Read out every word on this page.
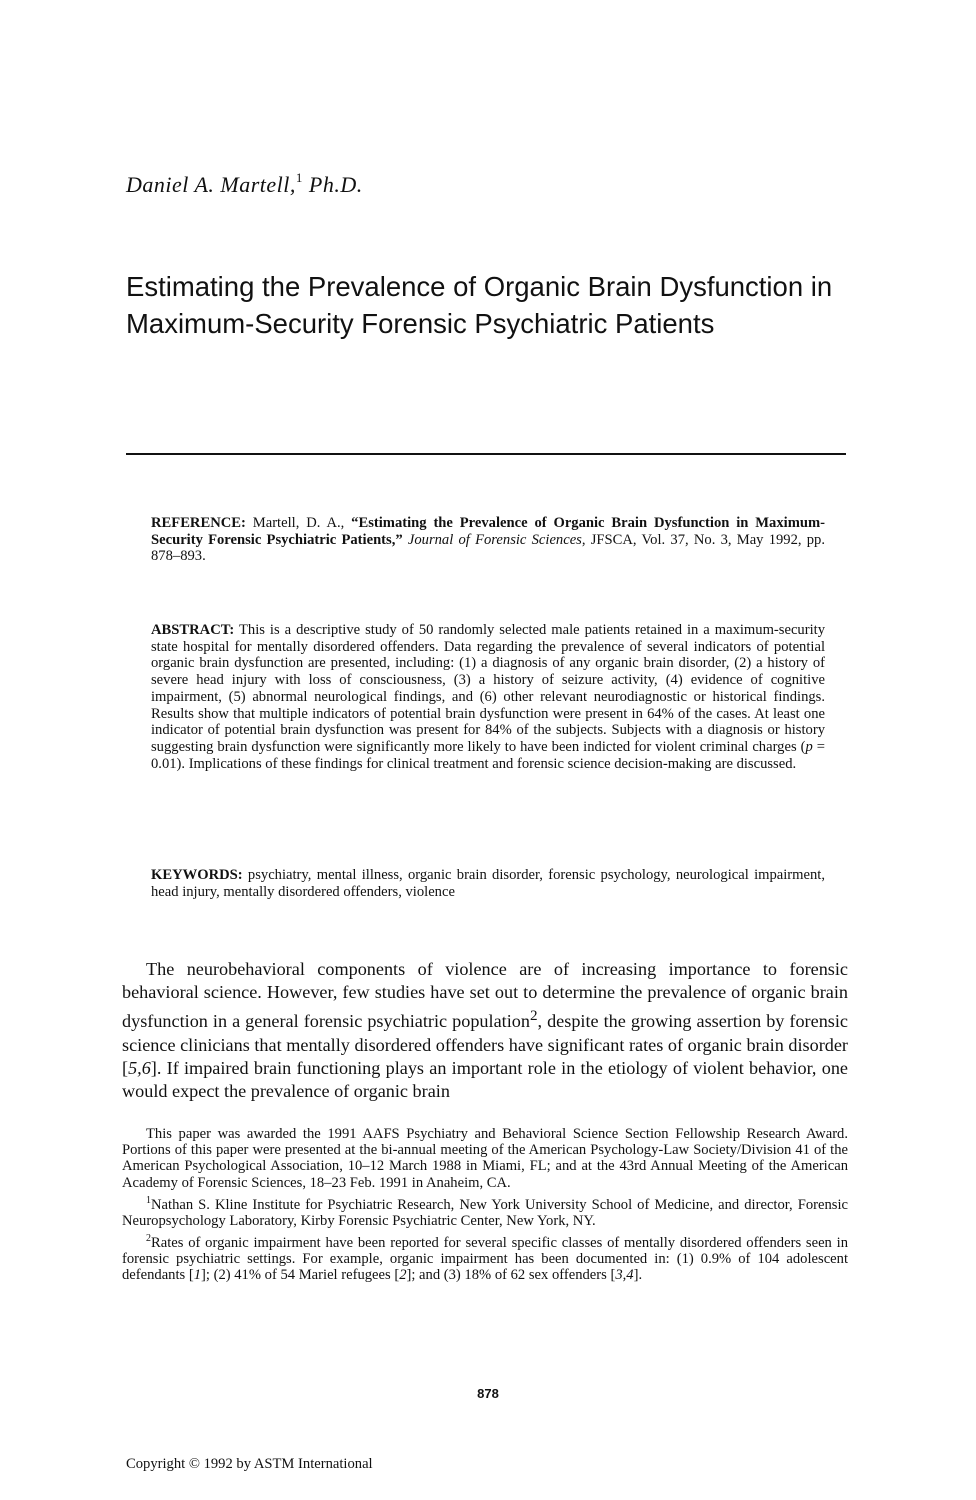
Daniel A. Martell,$^1$ Ph.D.
Estimating the Prevalence of Organic Brain Dysfunction in Maximum-Security Forensic Psychiatric Patients
REFERENCE: Martell, D. A., “Estimating the Prevalence of Organic Brain Dysfunction in Maximum-Security Forensic Psychiatric Patients,” Journal of Forensic Sciences, JFSCA, Vol. 37, No. 3, May 1992, pp. 878–893.
ABSTRACT: This is a descriptive study of 50 randomly selected male patients retained in a maximum-security state hospital for mentally disordered offenders. Data regarding the prevalence of several indicators of potential organic brain dysfunction are presented, including: (1) a diagnosis of any organic brain disorder, (2) a history of severe head injury with loss of consciousness, (3) a history of seizure activity, (4) evidence of cognitive impairment, (5) abnormal neurological findings, and (6) other relevant neurodiagnostic or historical findings. Results show that multiple indicators of potential brain dysfunction were present in 64% of the cases. At least one indicator of potential brain dysfunction was present for 84% of the subjects. Subjects with a diagnosis or history suggesting brain dysfunction were significantly more likely to have been indicted for violent criminal charges (p = 0.01). Implications of these findings for clinical treatment and forensic science decision-making are discussed.
KEYWORDS: psychiatry, mental illness, organic brain disorder, forensic psychology, neurological impairment, head injury, mentally disordered offenders, violence

The neurobehavioral components of violence are of increasing importance to forensic behavioral science. However, few studies have set out to determine the prevalence of organic brain dysfunction in a general forensic psychiatric population$^2$, despite the growing assertion by forensic science clinicians that mentally disordered offenders have significant rates of organic brain disorder [5,6]. If impaired brain functioning plays an important role in the etiology of violent behavior, one would expect the prevalence of organic brain

This paper was awarded the 1991 AAFS Psychiatry and Behavioral Science Section Fellowship Research Award. Portions of this paper were presented at the bi-annual meeting of the American Psychology-Law Society/Division 41 of the American Psychological Association, 10–12 March 1988 in Miami, FL; and at the 43rd Annual Meeting of the American Academy of Forensic Sciences, 18–23 Feb. 1991 in Anaheim, CA.

$^1$Nathan S. Kline Institute for Psychiatric Research, New York University School of Medicine, and director, Forensic Neuropsychology Laboratory, Kirby Forensic Psychiatric Center, New York, NY.

$^2$Rates of organic impairment have been reported for several specific classes of mentally disordered offenders seen in forensic psychiatric settings. For example, organic impairment has been documented in: (1) 0.9% of 104 adolescent defendants [1]; (2) 41% of 54 Mariel refugees [2]; and (3) 18% of 62 sex offenders [3,4].

878
Copyright © 1992 by ASTM International
